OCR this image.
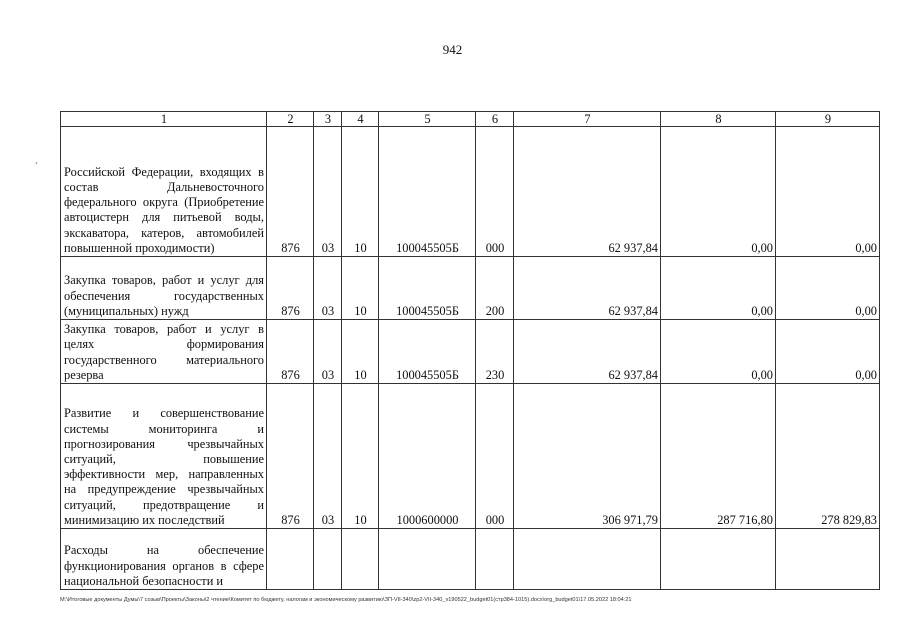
942
`
1	2	3	4	5	6	7	8	9
Российской Федерации, входящих в состав Дальневосточного федерального округа (Приобретение автоцистерн для питьевой воды, экскаватора, катеров, автомобилей повышенной проходимости)	876	03	10	100045505Б	000	62 937,84	0,00	0,00
Закупка товаров, работ и услуг для обеспечения государственных (муниципальных) нужд	876	03	10	100045505Б	200	62 937,84	0,00	0,00
Закупка товаров, работ и услуг в целях формирования государственного материального резерва	876	03	10	100045505Б	230	62 937,84	0,00	0,00
Развитие и совершенствование системы мониторинга и прогнозирования чрезвычайных ситуаций, повышение эффективности мер, направленных на предупреждение чрезвычайных ситуаций, предотвращение и минимизацию их последствий	876	03	10	1000600000	000	306 971,79	287 716,80	278 829,83
Расходы на обеспечение функционирования органов в сфере национальной безопасности и								
M:\Итоговые документы Думы\7 созыв\Проекты\Законы\2 чтение\Комитет по бюджету, налогам и экономическому развитию\ЗП-VII-340\zp2-VII-340_v190522_budget01(стр384-1015).docx\org_budget01\17.05.2022 18:04:21
